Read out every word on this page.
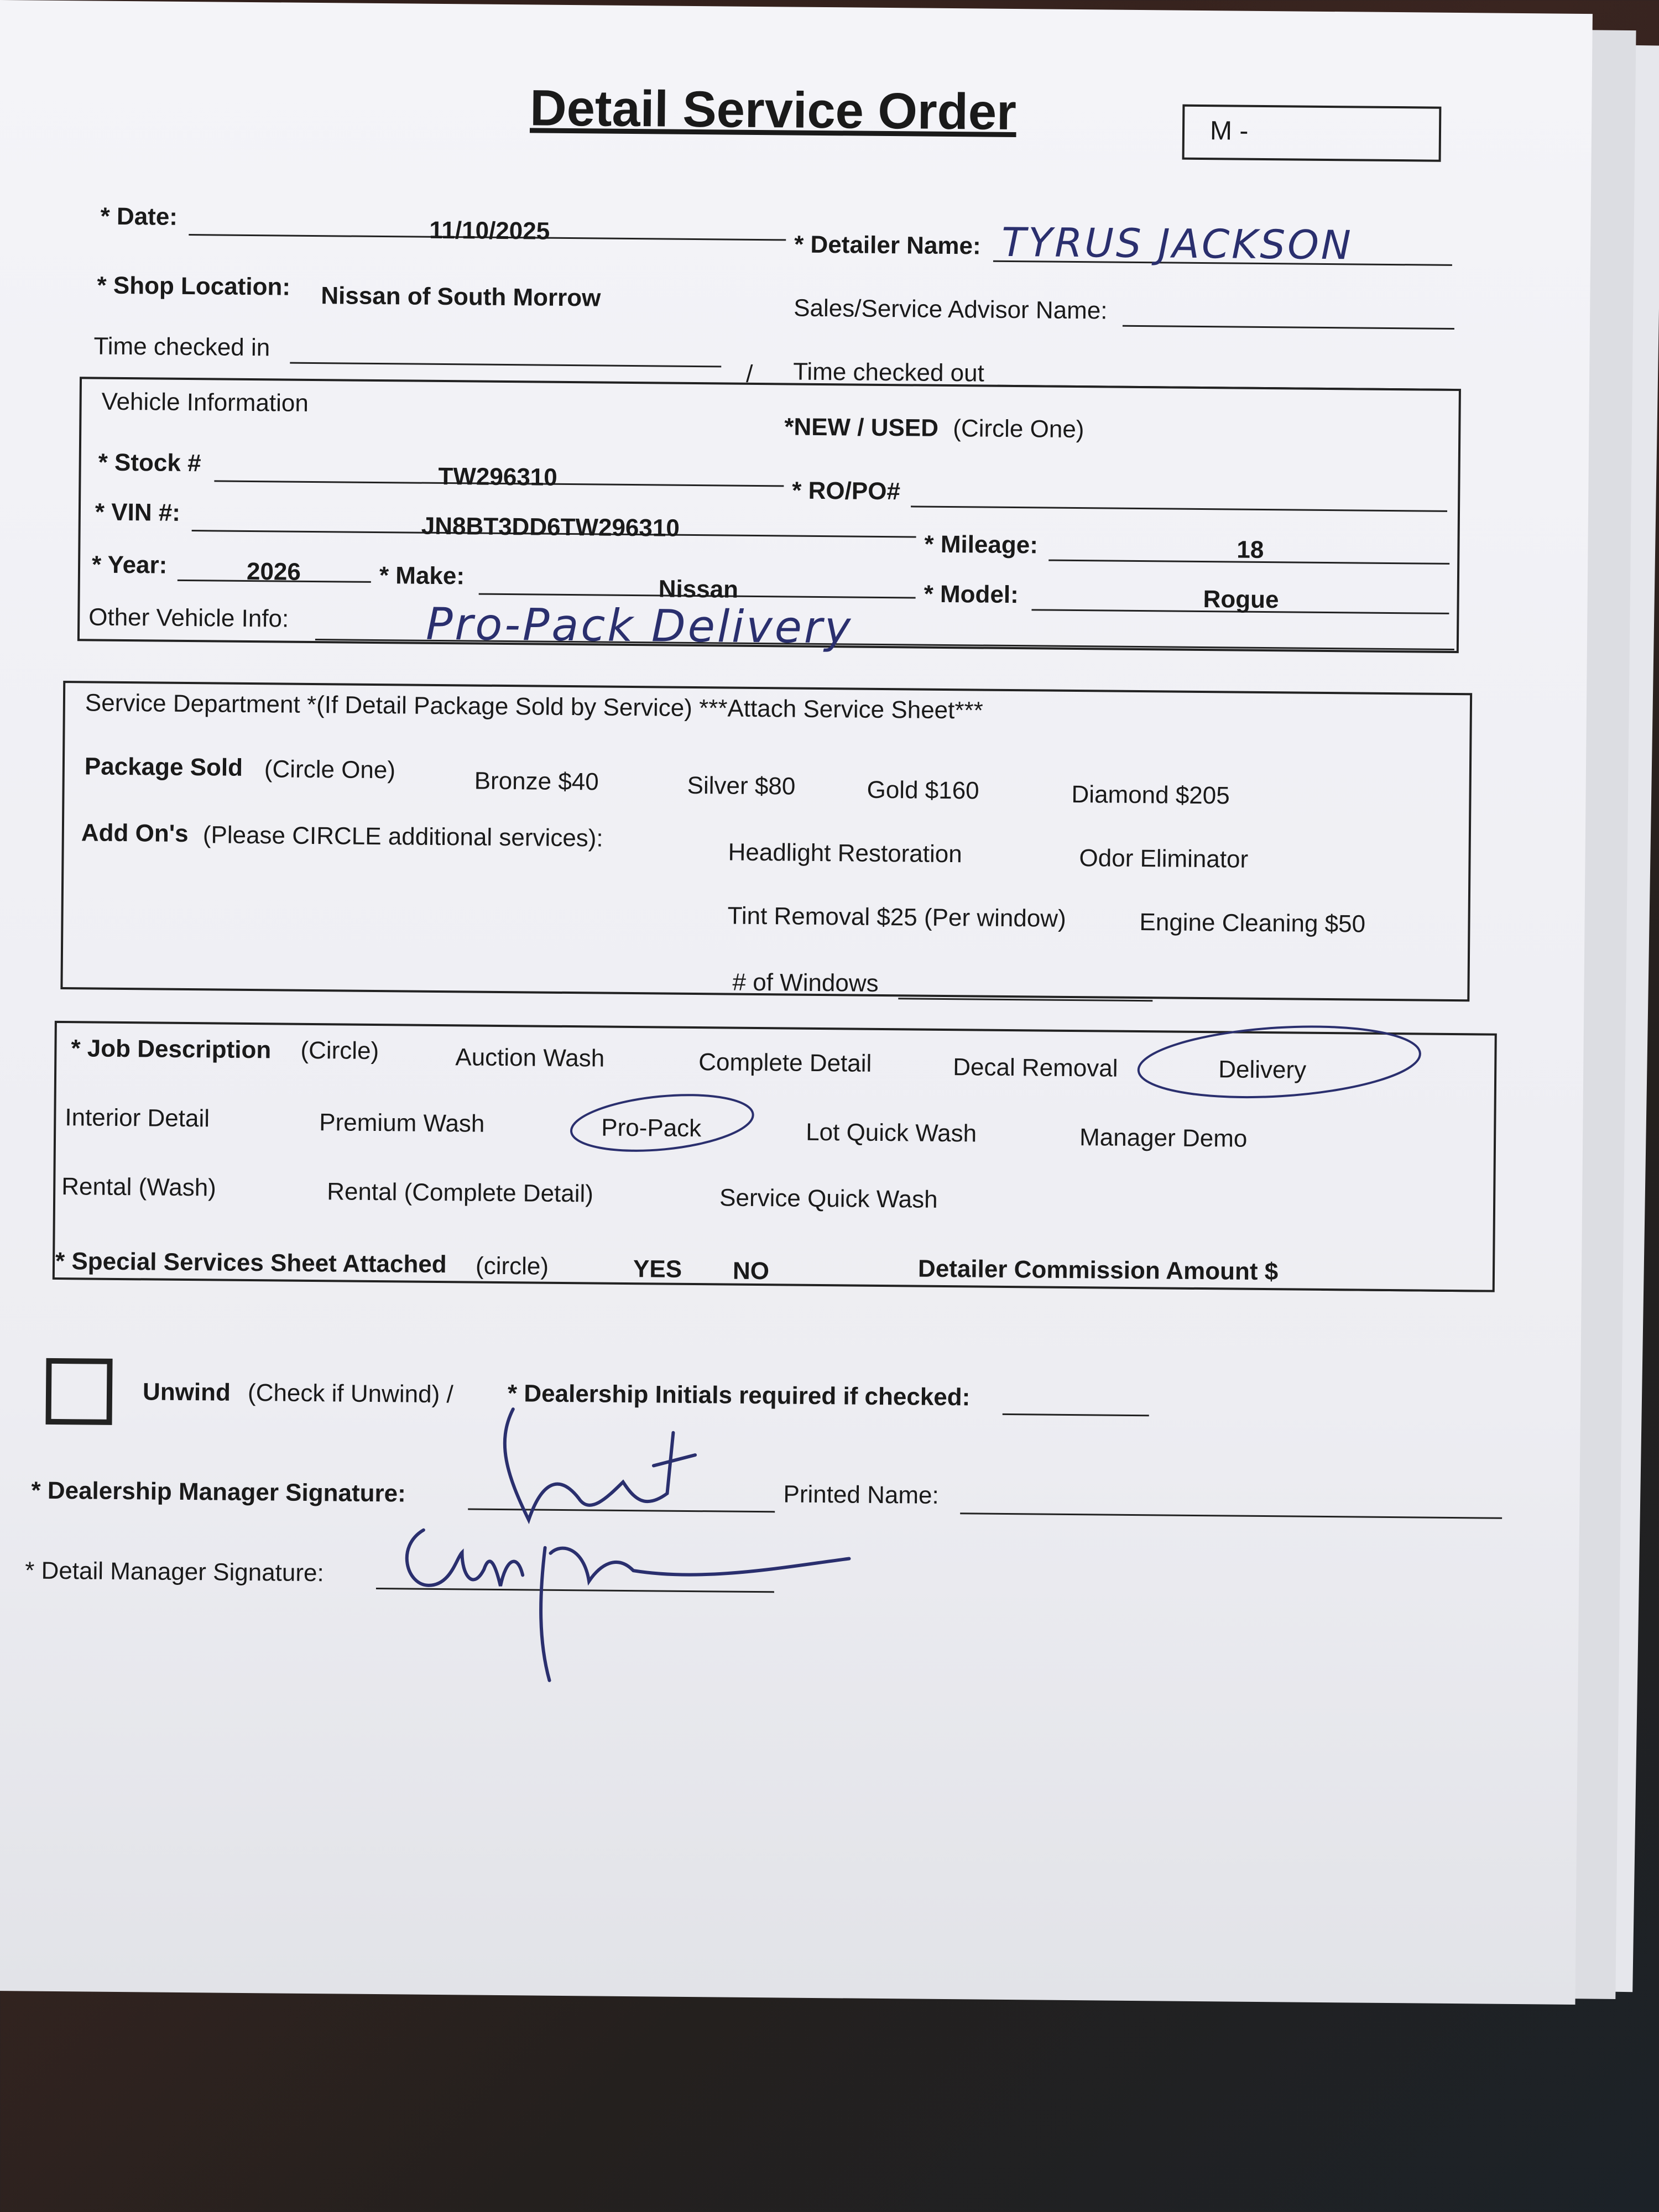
Detail Service Order	M -
* Date:
11/10/2025
* Detailer Name: TYRUS JACKSON
* Shop Location: Nissan of South Morrow	Sales/Service Advisor Name:
Time checked in
/ Time checked out
Vehicle Information
*NEW / USED (Circle One)
* Stock #
TW296310
* RO/PO#
* VIN #:	JN8BT3DD6TW296310
* Mileage:	18
* Year:	2026	* Make:	Nissan	* Model:	Rogue
Other Vehicle Info:	Pro-Pack Delivery
Service Department *(If Detail Package Sold by Service) ***Attach Service Sheet***
Package Sold (Circle One)	Bronze $40	Silver $80	Gold $160	Diamond $205
Add On's (Please CIRCLE additional services):
Headlight Restoration	Odor Eliminator
Tint Removal $25 (Per window)	Engine Cleaning $50
# of Windows
* Job Description (Circle)	Auction Wash	Complete Detail	Decal Removal	Delivery
Interior Detail	Premium Wash	Pro-Pack	Lot Quick Wash	Manager Demo
Rental (Wash)	Rental (Complete Detail)	Service Quick Wash
* Special Services Sheet Attached (circle)	YES NO	Detailer Commission Amount $
Unwind (Check if Unwind) / * Dealership Initials required if checked:
* Dealership Manager Signature:	Printed Name:
* Detail Manager Signature:
